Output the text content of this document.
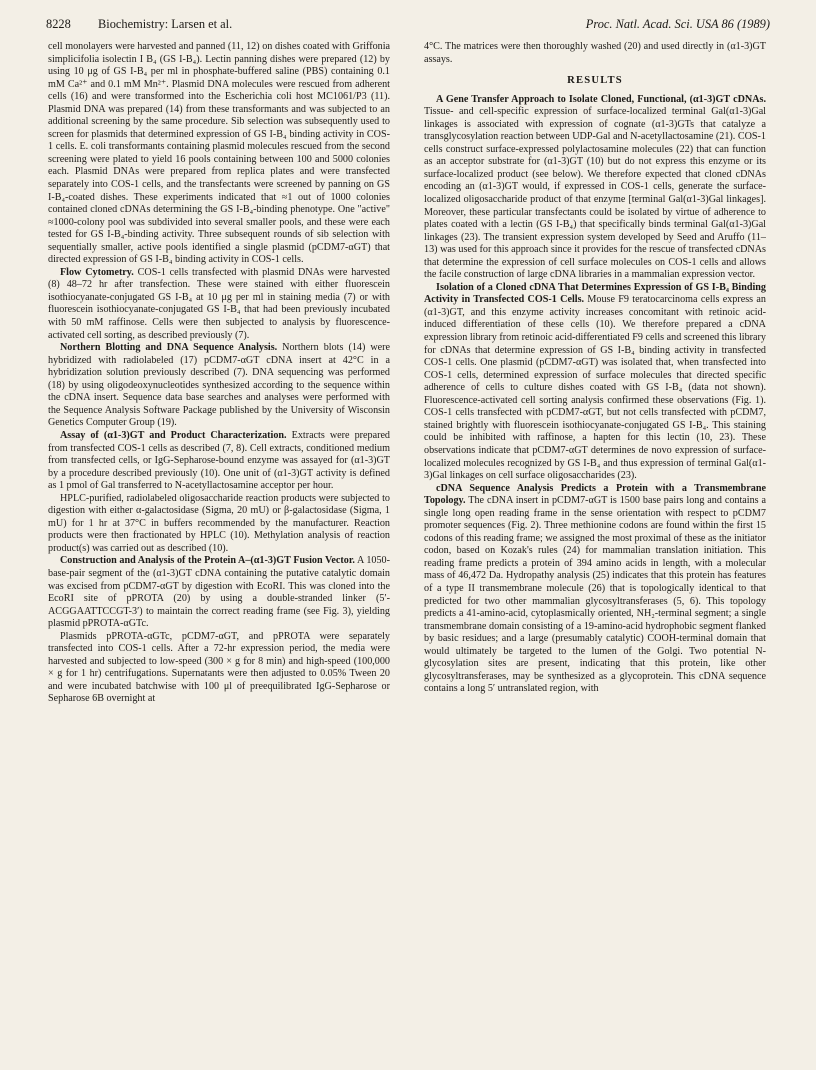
8228 Biochemistry: Larsen et al.	Proc. Natl. Acad. Sci. USA 86 (1989)

cell monolayers were harvested and panned (11, 12) on dishes coated with Griffonia simplicifolia isolectin I B₄ (GS I-B₄). Lectin panning dishes were prepared (12) by using 10 μg of GS I-B₄ per ml in phosphate-buffered saline (PBS) containing 0.1 mM Ca²⁺ and 0.1 mM Mn²⁺. Plasmid DNA molecules were rescued from adherent cells (16) and were transformed into the Escherichia coli host MC1061/P3 (11). Plasmid DNA was prepared (14) from these transformants and was subjected to an additional screening by the same procedure. Sib selection was subsequently used to screen for plasmids that determined expression of GS I-B₄ binding activity in COS-1 cells. E. coli transformants containing plasmid molecules rescued from the second screening were plated to yield 16 pools containing between 100 and 5000 colonies each. Plasmid DNAs were prepared from replica plates and were transfected separately into COS-1 cells, and the transfectants were screened by panning on GS I-B₄-coated dishes. These experiments indicated that ≈1 out of 1000 colonies contained cloned cDNAs determining the GS I-B₄-binding phenotype. One "active" ≈1000-colony pool was subdivided into several smaller pools, and these were each tested for GS I-B₄-binding activity. Three subsequent rounds of sib selection with sequentially smaller, active pools identified a single plasmid (pCDM7-αGT) that directed expression of GS I-B₄ binding activity in COS-1 cells.

Flow Cytometry. COS-1 cells transfected with plasmid DNAs were harvested (8) 48–72 hr after transfection. These were stained with either fluorescein isothiocyanate-conjugated GS I-B₄ at 10 μg per ml in staining media (7) or with fluorescein isothiocyanate-conjugated GS I-B₄ that had been previously incubated with 50 mM raffinose. Cells were then subjected to analysis by fluorescence-activated cell sorting, as described previously (7).

Northern Blotting and DNA Sequence Analysis. Northern blots (14) were hybridized with radiolabeled (17) pCDM7-αGT cDNA insert at 42°C in a hybridization solution previously described (7). DNA sequencing was performed (18) by using oligodeoxynucleotides synthesized according to the sequence within the cDNA insert. Sequence data base searches and analyses were performed with the Sequence Analysis Software Package published by the University of Wisconsin Genetics Computer Group (19).

Assay of (α1-3)GT and Product Characterization. Extracts were prepared from transfected COS-1 cells as described (7, 8). Cell extracts, conditioned medium from transfected cells, or IgG-Sepharose-bound enzyme was assayed for (α1-3)GT by a procedure described previously (10). One unit of (α1-3)GT activity is defined as 1 pmol of Gal transferred to N-acetyllactosamine acceptor per hour.

HPLC-purified, radiolabeled oligosaccharide reaction products were subjected to digestion with either α-galactosidase (Sigma, 20 mU) or β-galactosidase (Sigma, 1 mU) for 1 hr at 37°C in buffers recommended by the manufacturer. Reaction products were then fractionated by HPLC (10). Methylation analysis of reaction product(s) was carried out as described (10).

Construction and Analysis of the Protein A–(α1-3)GT Fusion Vector. A 1050-base-pair segment of the (α1-3)GT cDNA containing the putative catalytic domain was excised from pCDM7-αGT by digestion with EcoRI. This was cloned into the EcoRI site of pPROTA (20) by using a double-stranded linker (5′-ACGGAATTCCGT-3′) to maintain the correct reading frame (see Fig. 3), yielding plasmid pPROTA-αGTc.

Plasmids pPROTA-αGTc, pCDM7-αGT, and pPROTA were separately transfected into COS-1 cells. After a 72-hr expression period, the media were harvested and subjected to low-speed (300 × g for 8 min) and high-speed (100,000 × g for 1 hr) centrifugations. Supernatants were then adjusted to 0.05% Tween 20 and were incubated batchwise with 100 μl of preequilibrated IgG-Sepharose or Sepharose 6B overnight at

4°C. The matrices were then thoroughly washed (20) and used directly in (α1-3)GT assays.

RESULTS

A Gene Transfer Approach to Isolate Cloned, Functional, (α1-3)GT cDNAs. Tissue- and cell-specific expression of surface-localized terminal Gal(α1-3)Gal linkages is associated with expression of cognate (α1-3)GTs that catalyze a transglycosylation reaction between UDP-Gal and N-acetyllactosamine (21). COS-1 cells construct surface-expressed polylactosamine molecules (22) that can function as an acceptor substrate for (α1-3)GT (10) but do not express this enzyme or its surface-localized product (see below). We therefore expected that cloned cDNAs encoding an (α1-3)GT would, if expressed in COS-1 cells, generate the surface-localized oligosaccharide product of that enzyme [terminal Gal(α1-3)Gal linkages]. Moreover, these particular transfectants could be isolated by virtue of adherence to plates coated with a lectin (GS I-B₄) that specifically binds terminal Gal(α1-3)Gal linkages (23). The transient expression system developed by Seed and Aruffo (11–13) was used for this approach since it provides for the rescue of transfected cDNAs that determine the expression of cell surface molecules on COS-1 cells and allows the facile construction of large cDNA libraries in a mammalian expression vector.

Isolation of a Cloned cDNA That Determines Expression of GS I-B₄ Binding Activity in Transfected COS-1 Cells. Mouse F9 teratocarcinoma cells express an (α1-3)GT, and this enzyme activity increases concomitant with retinoic acid-induced differentiation of these cells (10). We therefore prepared a cDNA expression library from retinoic acid-differentiated F9 cells and screened this library for cDNAs that determine expression of GS I-B₄ binding activity in transfected COS-1 cells. One plasmid (pCDM7-αGT) was isolated that, when transfected into COS-1 cells, determined expression of surface molecules that directed specific adherence of cells to culture dishes coated with GS I-B₄ (data not shown). Fluorescence-activated cell sorting analysis confirmed these observations (Fig. 1). COS-1 cells transfected with pCDM7-αGT, but not cells transfected with pCDM7, stained brightly with fluorescein isothiocyanate-conjugated GS I-B₄. This staining could be inhibited with raffinose, a hapten for this lectin (10, 23). These observations indicate that pCDM7-αGT determines de novo expression of surface-localized molecules recognized by GS I-B₄ and thus expression of terminal Gal(α1-3)Gal linkages on cell surface oligosaccharides (23).

cDNA Sequence Analysis Predicts a Protein with a Transmembrane Topology. The cDNA insert in pCDM7-αGT is 1500 base pairs long and contains a single long open reading frame in the sense orientation with respect to pCDM7 promoter sequences (Fig. 2). Three methionine codons are found within the first 15 codons of this reading frame; we assigned the most proximal of these as the initiator codon, based on Kozak's rules (24) for mammalian translation initiation. This reading frame predicts a protein of 394 amino acids in length, with a molecular mass of 46,472 Da. Hydropathy analysis (25) indicates that this protein has features of a type II transmembrane molecule (26) that is topologically identical to that predicted for two other mammalian glycosyltransferases (5, 6). This topology predicts a 41-amino-acid, cytoplasmically oriented, NH₂-terminal segment; a single transmembrane domain consisting of a 19-amino-acid hydrophobic segment flanked by basic residues; and a large (presumably catalytic) COOH-terminal domain that would ultimately be targeted to the lumen of the Golgi. Two potential N-glycosylation sites are present, indicating that this protein, like other glycosyltransferases, may be synthesized as a glycoprotein. This cDNA sequence contains a long 5′ untranslated region, with
